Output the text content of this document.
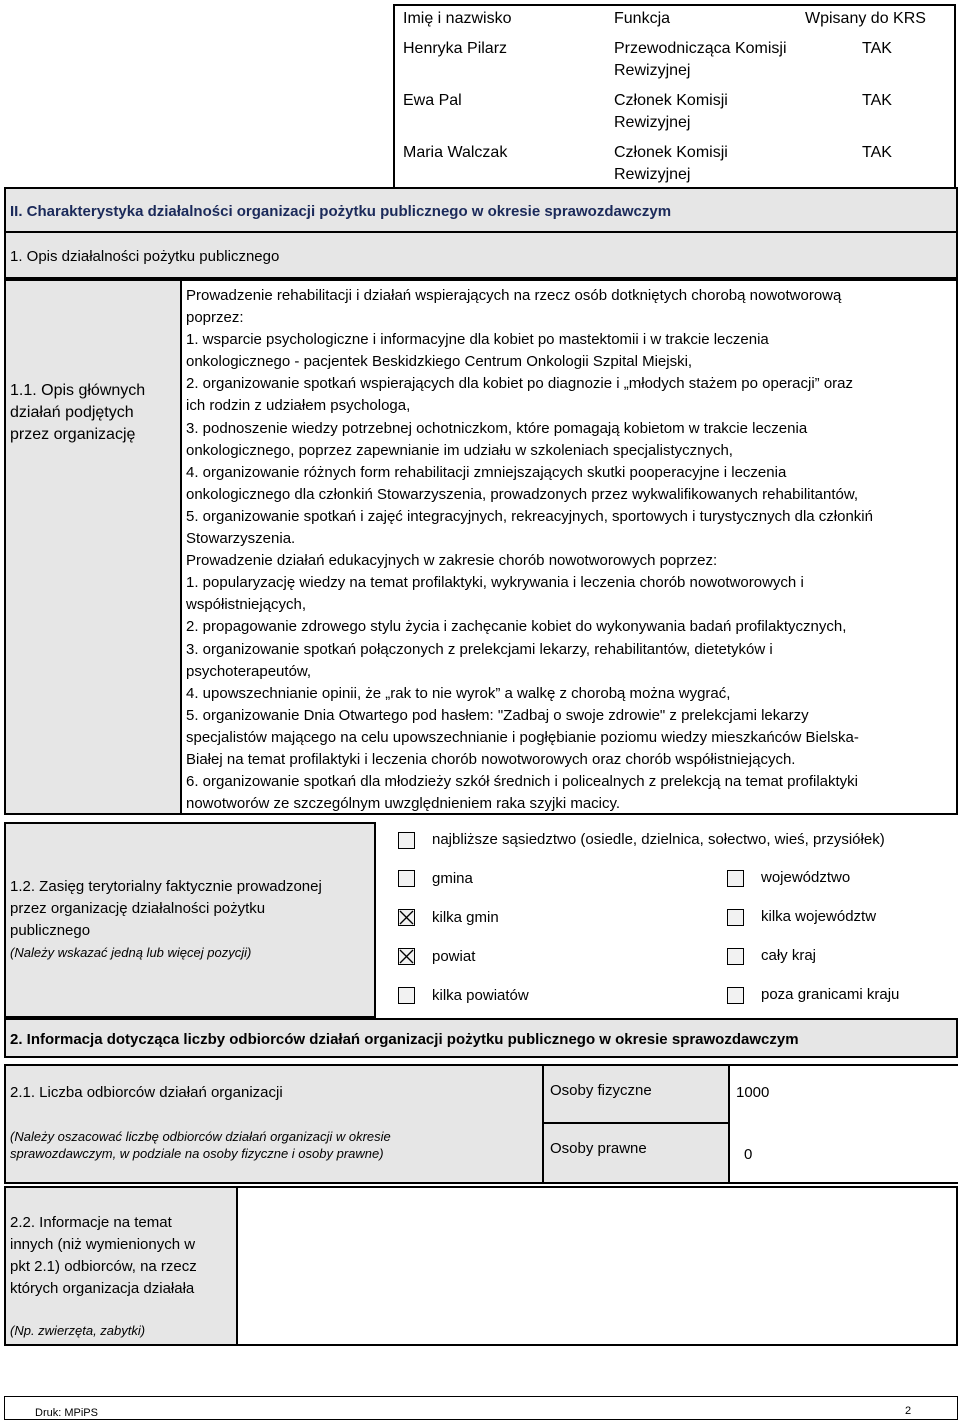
Imię i nazwisko	Funkcja	Wpisany do KRS
Henryka Pilarz	Przewodnicząca Komisji
Rewizyjnej
TAK
Ewa Pal	Członek Komisji
Rewizyjnej
TAK
Maria Walczak	Członek Komisji
Rewizyjnej
TAK
II. Charakterystyka działalności organizacji pożytku publicznego w okresie sprawozdawczym
1. Opis działalności pożytku publicznego
1.1. Opis głównych
działań podjętych
przez organizację
Prowadzenie rehabilitacji i działań wspierających na rzecz osób dotkniętych chorobą nowotworową
poprzez:
1. wsparcie psychologiczne i informacyjne dla kobiet po mastektomii i w trakcie leczenia
onkologicznego - pacjentek Beskidzkiego Centrum Onkologii Szpital Miejski,
2. organizowanie spotkań wspierających dla kobiet po diagnozie i „młodych stażem po operacji” oraz
ich rodzin z udziałem psychologa,
3. podnoszenie wiedzy potrzebnej ochotniczkom, które pomagają kobietom w trakcie leczenia
onkologicznego, poprzez zapewnianie im udziału w szkoleniach specjalistycznych,
4. organizowanie różnych form rehabilitacji zmniejszających skutki pooperacyjne i leczenia
onkologicznego dla członkiń Stowarzyszenia, prowadzonych przez wykwalifikowanych rehabilitantów,
5. organizowanie spotkań i zajęć integracyjnych, rekreacyjnych, sportowych i turystycznych dla członkiń
Stowarzyszenia.
Prowadzenie działań edukacyjnych w zakresie chorób nowotworowych poprzez:
1. popularyzację wiedzy na temat profilaktyki, wykrywania i leczenia chorób nowotworowych i
współistniejących,
2. propagowanie zdrowego stylu życia i zachęcanie kobiet do wykonywania badań profilaktycznych,
3. organizowanie spotkań połączonych z prelekcjami lekarzy, rehabilitantów, dietetyków i
psychoterapeutów,
4. upowszechnianie opinii, że „rak to nie wyrok” a walkę z chorobą można wygrać,
5. organizowanie Dnia Otwartego pod hasłem: "Zadbaj o swoje zdrowie" z prelekcjami lekarzy
specjalistów mającego na celu upowszechnianie i pogłębianie poziomu wiedzy mieszkańców Bielska-
Białej na temat profilaktyki i leczenia chorób nowotworowych oraz chorób współistniejących.
6. organizowanie spotkań dla młodzieży szkół średnich i policealnych z prelekcją na temat profilaktyki
nowotworów ze szczególnym uwzględnieniem raka szyjki macicy.
1.2. Zasięg terytorialny faktycznie prowadzonej
przez organizację działalności pożytku
publicznego
(Należy wskazać jedną lub więcej pozycji)
najbliższe sąsiedztwo (osiedle, dzielnica, sołectwo, wieś, przysiółek)
gmina
kilka gmin
powiat
kilka powiatów
województwo
kilka województw
cały kraj
poza granicami kraju
2. Informacja dotycząca liczby odbiorców działań organizacji pożytku publicznego w okresie sprawozdawczym
2.1. Liczba odbiorców działań organizacji
(Należy oszacować liczbę odbiorców działań organizacji w okresie
sprawozdawczym, w podziale na osoby fizyczne i osoby prawne)
Osoby fizyczne	1000
Osoby prawne	0
2.2. Informacje na temat
innych (niż wymienionych w
pkt 2.1) odbiorców, na rzecz
których organizacja działała
(Np. zwierzęta, zabytki)
Druk: MPiPS	2
